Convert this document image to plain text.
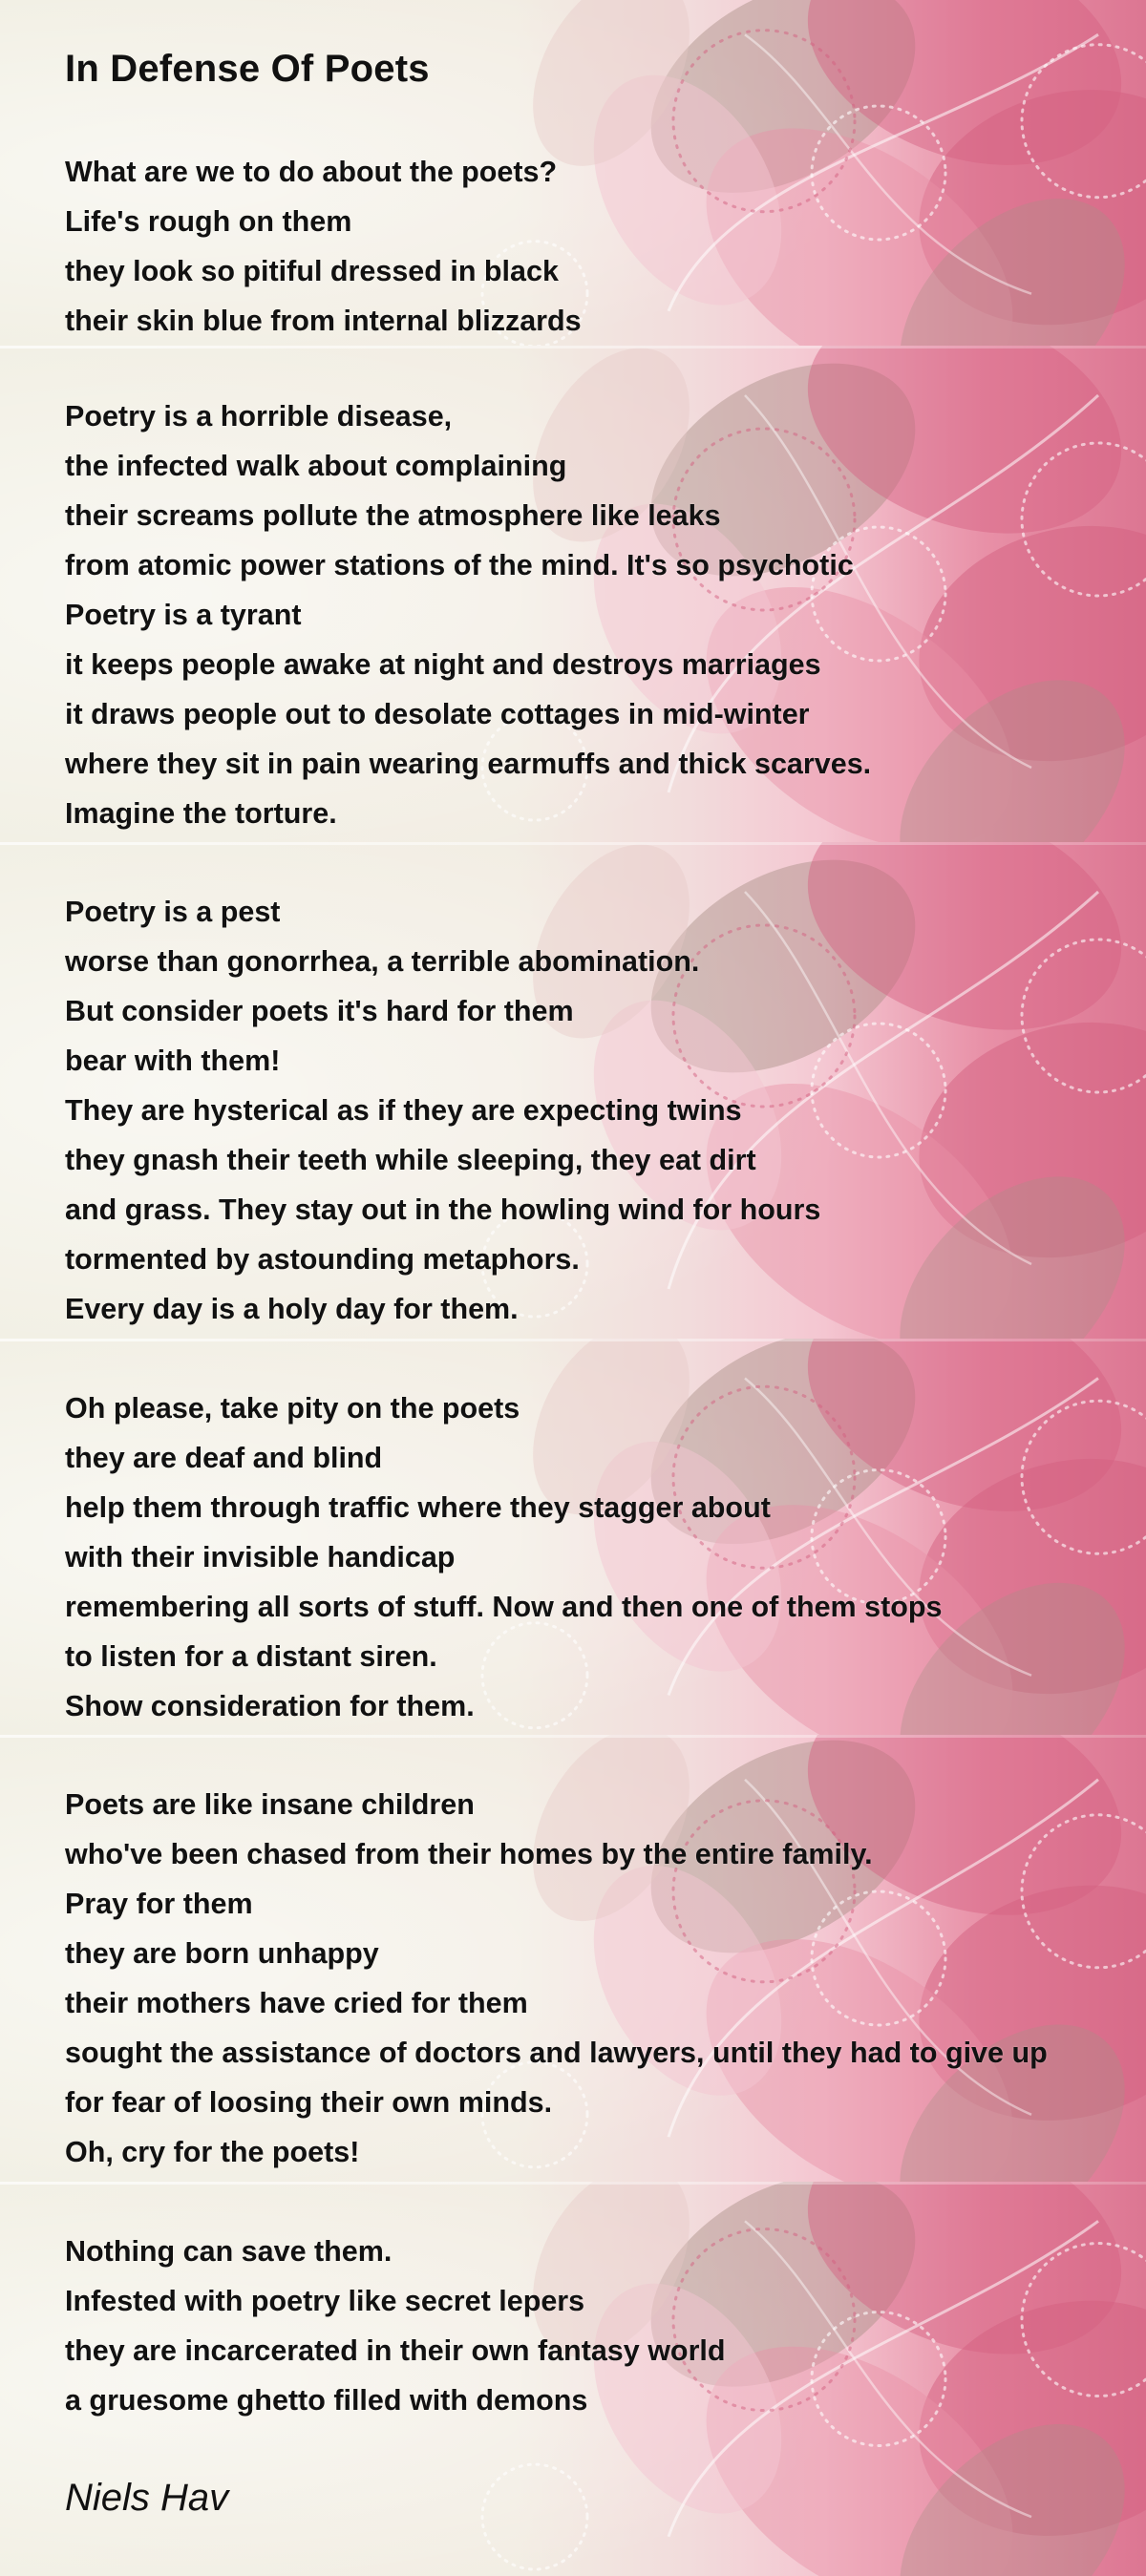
In Defense Of Poets
What are we to do about the poets?
Life's rough on them
they look so pitiful dressed in black
their skin blue from internal blizzards
Poetry is a horrible disease,
the infected walk about complaining
their screams pollute the atmosphere like leaks
from atomic power stations of the mind. It's so psychotic
Poetry is a tyrant
it keeps people awake at night and destroys marriages
it draws people out to desolate cottages in mid-winter
where they sit in pain wearing earmuffs and thick scarves.
Imagine the torture.
Poetry is a pest
worse than gonorrhea, a terrible abomination.
But consider poets it's hard for them
bear with them!
They are hysterical as if they are expecting twins
they gnash their teeth while sleeping, they eat dirt
and grass. They stay out in the howling wind for hours
tormented by astounding metaphors.
Every day is a holy day for them.
Oh please, take pity on the poets
they are deaf and blind
help them through traffic where they stagger about
with their invisible handicap
remembering all sorts of stuff. Now and then one of them stops
to listen for a distant siren.
Show consideration for them.
Poets are like insane children
who've been chased from their homes by the entire family.
Pray for them
they are born unhappy
their mothers have cried for them
sought the assistance of doctors and lawyers, until they had to give up
for fear of loosing their own minds.
Oh, cry for the poets!
Nothing can save them.
Infested with poetry like secret lepers
they are incarcerated in their own fantasy world
a gruesome ghetto filled with demons

Niels Hav
